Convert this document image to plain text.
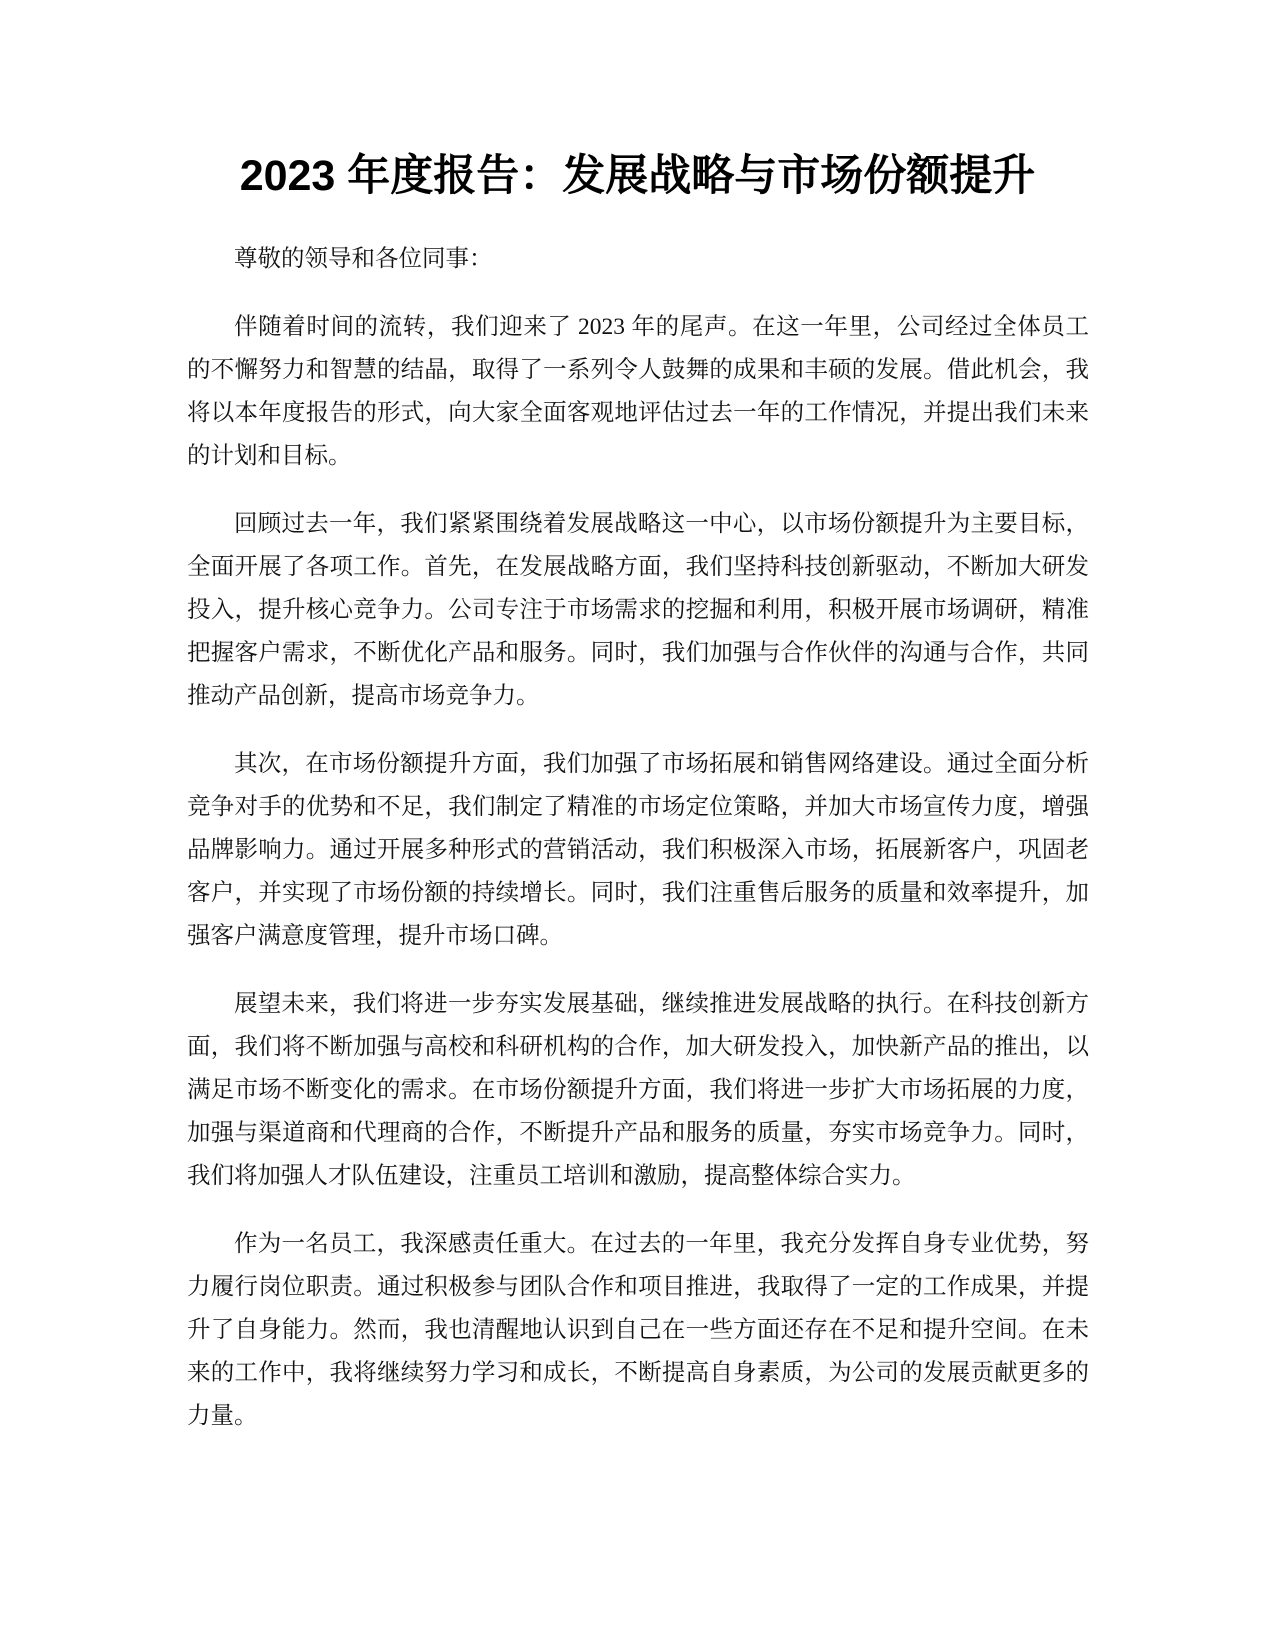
2023 年度报告：发展战略与市场份额提升

尊敬的领导和各位同事：

伴随着时间的流转，我们迎来了 2023 年的尾声。在这一年里，公司经过全体员工的不懈努力和智慧的结晶，取得了一系列令人鼓舞的成果和丰硕的发展。借此机会，我将以本年度报告的形式，向大家全面客观地评估过去一年的工作情况，并提出我们未来的计划和目标。

回顾过去一年，我们紧紧围绕着发展战略这一中心，以市场份额提升为主要目标，全面开展了各项工作。首先，在发展战略方面，我们坚持科技创新驱动，不断加大研发投入，提升核心竞争力。公司专注于市场需求的挖掘和利用，积极开展市场调研，精准把握客户需求，不断优化产品和服务。同时，我们加强与合作伙伴的沟通与合作，共同推动产品创新，提高市场竞争力。

其次，在市场份额提升方面，我们加强了市场拓展和销售网络建设。通过全面分析竞争对手的优势和不足，我们制定了精准的市场定位策略，并加大市场宣传力度，增强品牌影响力。通过开展多种形式的营销活动，我们积极深入市场，拓展新客户，巩固老客户，并实现了市场份额的持续增长。同时，我们注重售后服务的质量和效率提升，加强客户满意度管理，提升市场口碑。

展望未来，我们将进一步夯实发展基础，继续推进发展战略的执行。在科技创新方面，我们将不断加强与高校和科研机构的合作，加大研发投入，加快新产品的推出，以满足市场不断变化的需求。在市场份额提升方面，我们将进一步扩大市场拓展的力度，加强与渠道商和代理商的合作，不断提升产品和服务的质量，夯实市场竞争力。同时，我们将加强人才队伍建设，注重员工培训和激励，提高整体综合实力。

作为一名员工，我深感责任重大。在过去的一年里，我充分发挥自身专业优势，努力履行岗位职责。通过积极参与团队合作和项目推进，我取得了一定的工作成果，并提升了自身能力。然而，我也清醒地认识到自己在一些方面还存在不足和提升空间。在未来的工作中，我将继续努力学习和成长，不断提高自身素质，为公司的发展贡献更多的力量。
